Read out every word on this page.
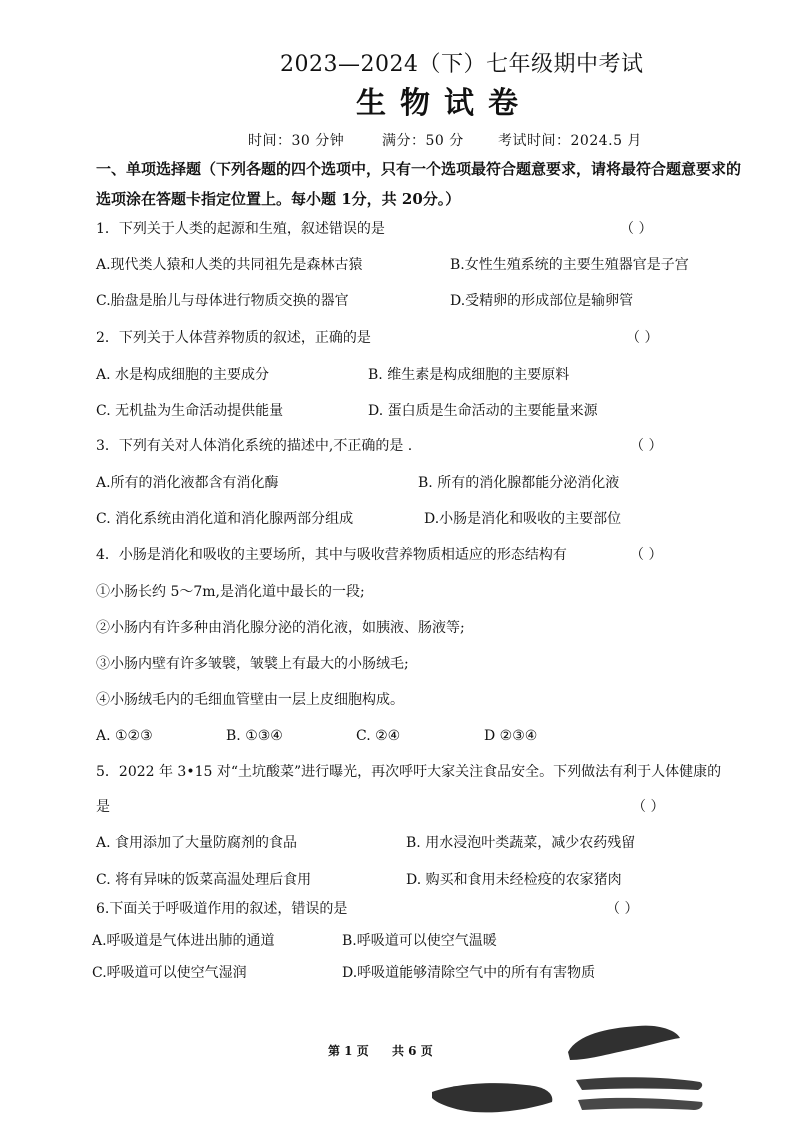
2023—2024（下）七年级期中考试
生物试卷
时间：30 分钟	满分：50 分 考试时间：2024.5 月
一、单项选择题（下列各题的四个选项中，只有一个选项最符合题意要求，请将最符合题意要求的
选项涂在答题卡指定位置上。每小题 1分，共 20分。）
1．下列关于人类的起源和生殖，叙述错误的是	（ ）
A.现代类人猿和人类的共同祖先是森林古猿	B.女性生殖系统的主要生殖器官是子宫
C.胎盘是胎儿与母体进行物质交换的器官	D.受精卵的形成部位是输卵管
2．下列关于人体营养物质的叙述，正确的是	（ ）
A. 水是构成细胞的主要成分	B. 维生素是构成细胞的主要原料
C. 无机盐为生命活动提供能量	D. 蛋白质是生命活动的主要能量来源
3．下列有关对人体消化系统的描述中,不正确的是 .	（ ）
A.所有的消化液都含有消化酶	B. 所有的消化腺都能分泌消化液
C. 消化系统由消化道和消化腺两部分组成	D.小肠是消化和吸收的主要部位
4．小肠是消化和吸收的主要场所，其中与吸收营养物质相适应的形态结构有	（ ）
①小肠长约 5～7m,是消化道中最长的一段;
②小肠内有许多种由消化腺分泌的消化液，如胰液、肠液等;
③小肠内壁有许多皱襞，皱襞上有最大的小肠绒毛;
④小肠绒毛内的毛细血管壁由一层上皮细胞构成。
A. ①②③	B. ①③④	C. ②④	D ②③④
5．2022 年 3•15 对“土坑酸菜”进行曝光，再次呼吁大家关注食品安全。下列做法有利于人体健康的
是	（ ）
A. 食用添加了大量防腐剂的食品	B. 用水浸泡叶类蔬菜，减少农药残留
C. 将有异味的饭菜高温处理后食用	D. 购买和食用未经检疫的农家猪肉
6.下面关于呼吸道作用的叙述，错误的是	（ ）
A.呼吸道是气体进出肺的通道	B.呼吸道可以使空气温暖
C.呼吸道可以使空气湿润	D.呼吸道能够清除空气中的所有有害物质
第 1 页 共 6 页
